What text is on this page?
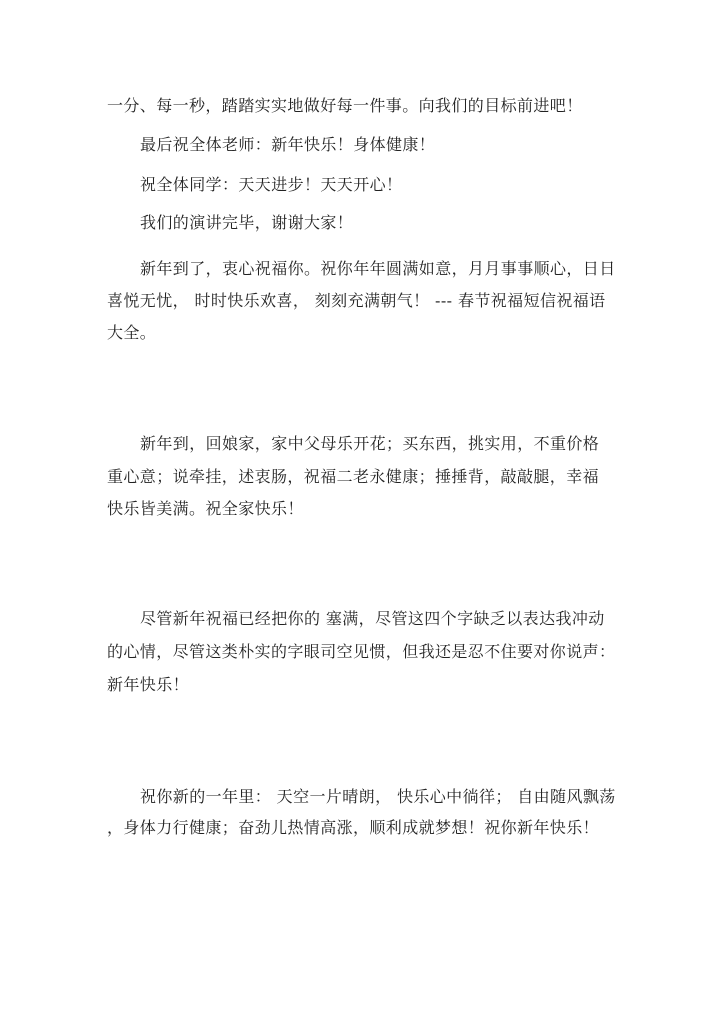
一分、每一秒，踏踏实实地做好每一件事。向我们的目标前进吧！
最后祝全体老师：新年快乐！身体健康！
祝全体同学：天天进步！天天开心！
我们的演讲完毕，谢谢大家！
新年到了，衷心祝福你。祝你年年圆满如意，月月事事顺心，日日
喜悦无忧， 时时快乐欢喜， 刻刻充满朝气！ --- 春节祝福短信祝福语
大全。
新年到，回娘家，家中父母乐开花；买东西，挑实用，不重价格
重心意；说牵挂，述衷肠，祝福二老永健康；捶捶背，敲敲腿，幸福
快乐皆美满。祝全家快乐！
尽管新年祝福已经把你的 塞满，尽管这四个字缺乏以表达我冲动
的心情，尽管这类朴实的字眼司空见惯，但我还是忍不住要对你说声：
新年快乐！
祝你新的一年里： 天空一片晴朗， 快乐心中徜徉； 自由随风飘荡
，身体力行健康；奋劲儿热情高涨，顺利成就梦想！祝你新年快乐！
